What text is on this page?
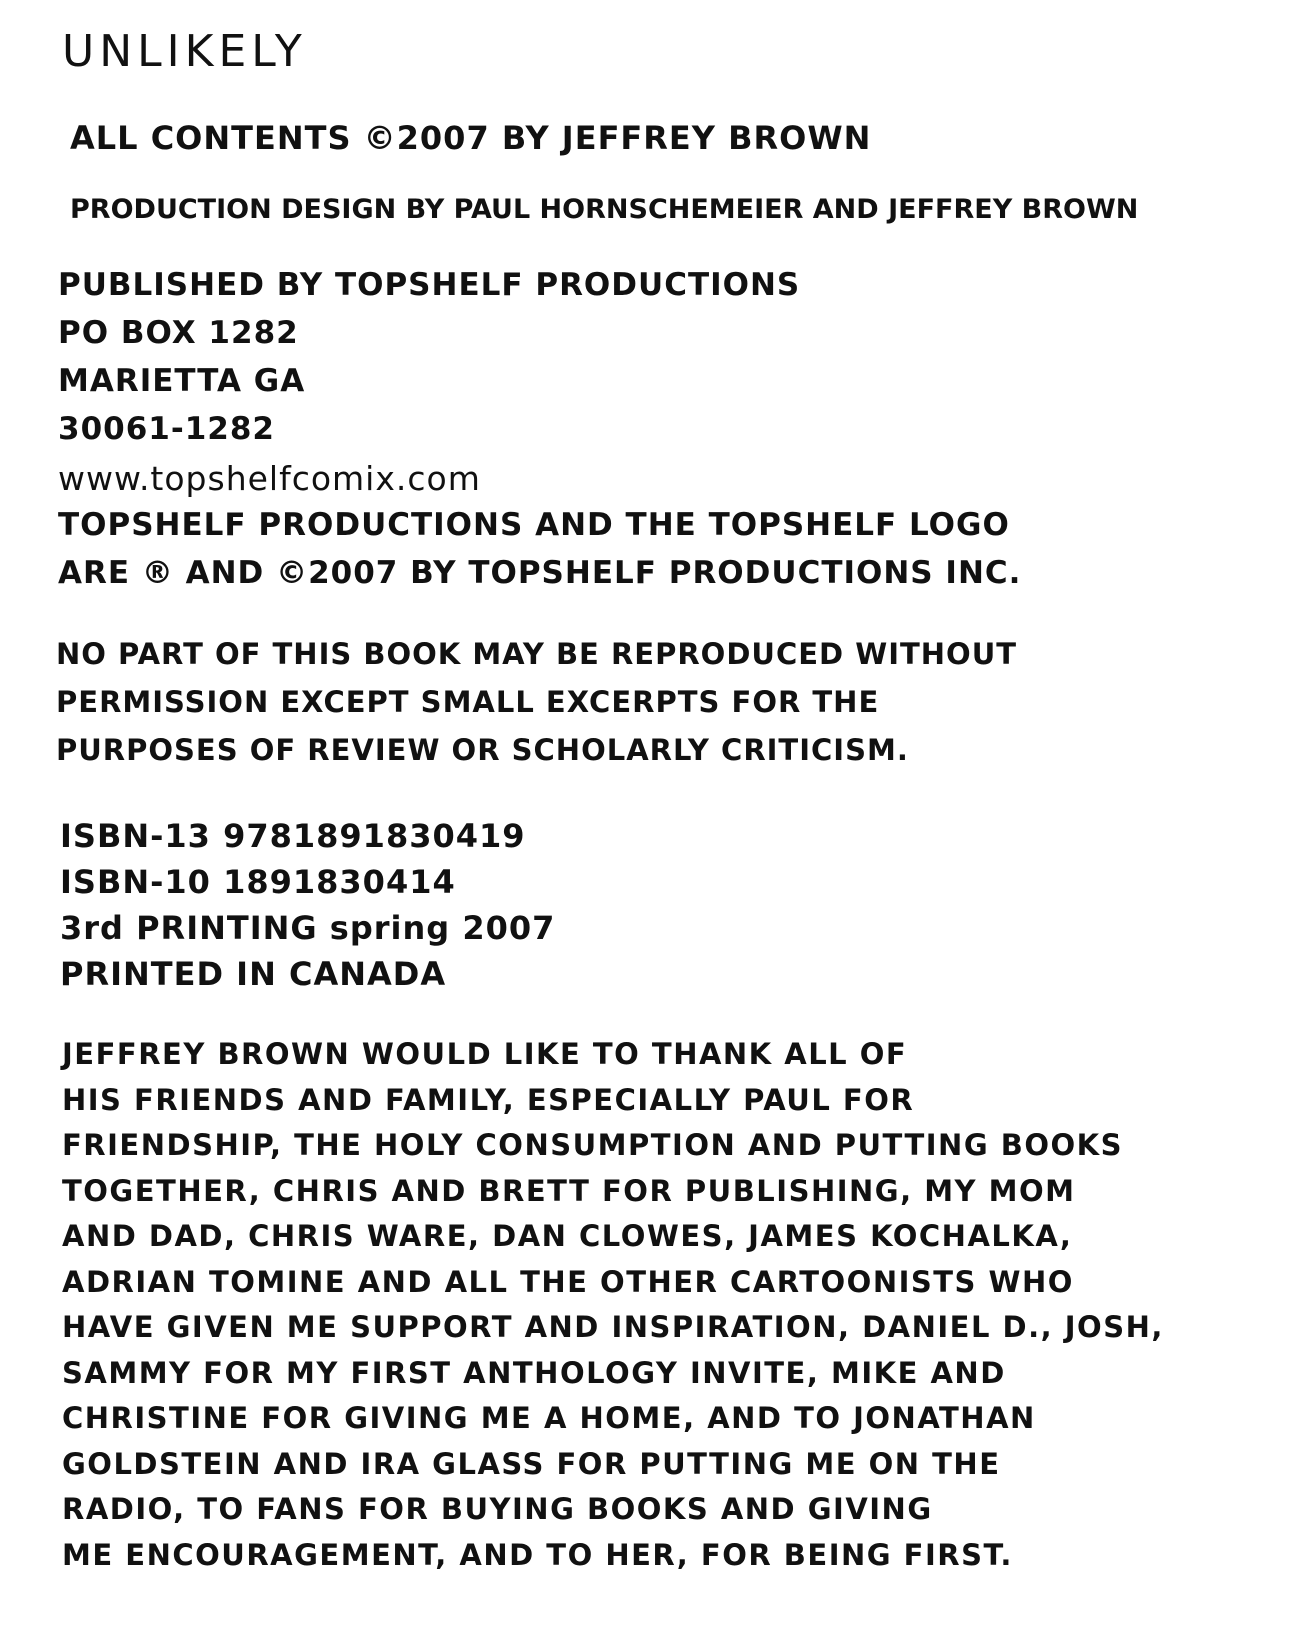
UNLIKELY

ALL CONTENTS ©2007 BY JEFFREY BROWN

PRODUCTION DESIGN BY PAUL HORNSCHEMEIER AND JEFFREY BROWN

PUBLISHED BY TOPSHELF PRODUCTIONS
PO BOX 1282
MARIETTA GA
30061-1282
www.topshelfcomix.com
TOPSHELF PRODUCTIONS AND THE TOPSHELF LOGO
ARE ® AND ©2007 BY TOPSHELF PRODUCTIONS INC.
NO PART OF THIS BOOK MAY BE REPRODUCED WITHOUT
PERMISSION EXCEPT SMALL EXCERPTS FOR THE
PURPOSES OF REVIEW OR SCHOLARLY CRITICISM.
ISBN-13 9781891830419
ISBN-10 1891830414
3rd PRINTING spring 2007
PRINTED IN CANADA
JEFFREY BROWN WOULD LIKE TO THANK ALL OF
HIS FRIENDS AND FAMILY, ESPECIALLY PAUL FOR
FRIENDSHIP, THE HOLY CONSUMPTION AND PUTTING BOOKS
TOGETHER, CHRIS AND BRETT FOR PUBLISHING, MY MOM
AND DAD, CHRIS WARE, DAN CLOWES, JAMES KOCHALKA,
ADRIAN TOMINE AND ALL THE OTHER CARTOONISTS WHO
HAVE GIVEN ME SUPPORT AND INSPIRATION, DANIEL D., JOSH,
SAMMY FOR MY FIRST ANTHOLOGY INVITE, MIKE AND
CHRISTINE FOR GIVING ME A HOME, AND TO JONATHAN
GOLDSTEIN AND IRA GLASS FOR PUTTING ME ON THE
RADIO, TO FANS FOR BUYING BOOKS AND GIVING
ME ENCOURAGEMENT, AND TO HER, FOR BEING FIRST.
